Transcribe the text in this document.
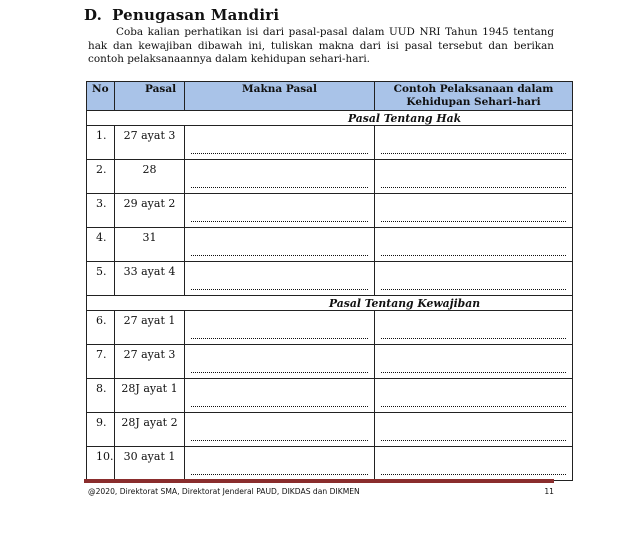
D. Penugasan Mandiri
Coba kalian perhatikan isi dari pasal-pasal dalam UUD NRI Tahun 1945 tentang hak dan kewajiban dibawah ini, tuliskan makna dari isi pasal tersebut dan berikan contoh pelaksanaannya dalam kehidupan sehari-hari.
No	Pasal	Makna Pasal	Contoh Pelaksanaan dalam Kehidupan Sehari-hari
Pasal Tentang Hak			
1.	27 ayat 3	

2.	28	

3.	29 ayat 2	

4.	31	

5.	33 ayat 4	

Pasal Tentang Kewajiban			
6.	27 ayat 1	

7.	27 ayat 3	

8.	28J ayat 1	

9.	28J ayat 2	

10.	30 ayat 1	

@2020, Direktorat SMA, Direktorat Jenderal PAUD, DIKDAS dan DIKMEN	11
